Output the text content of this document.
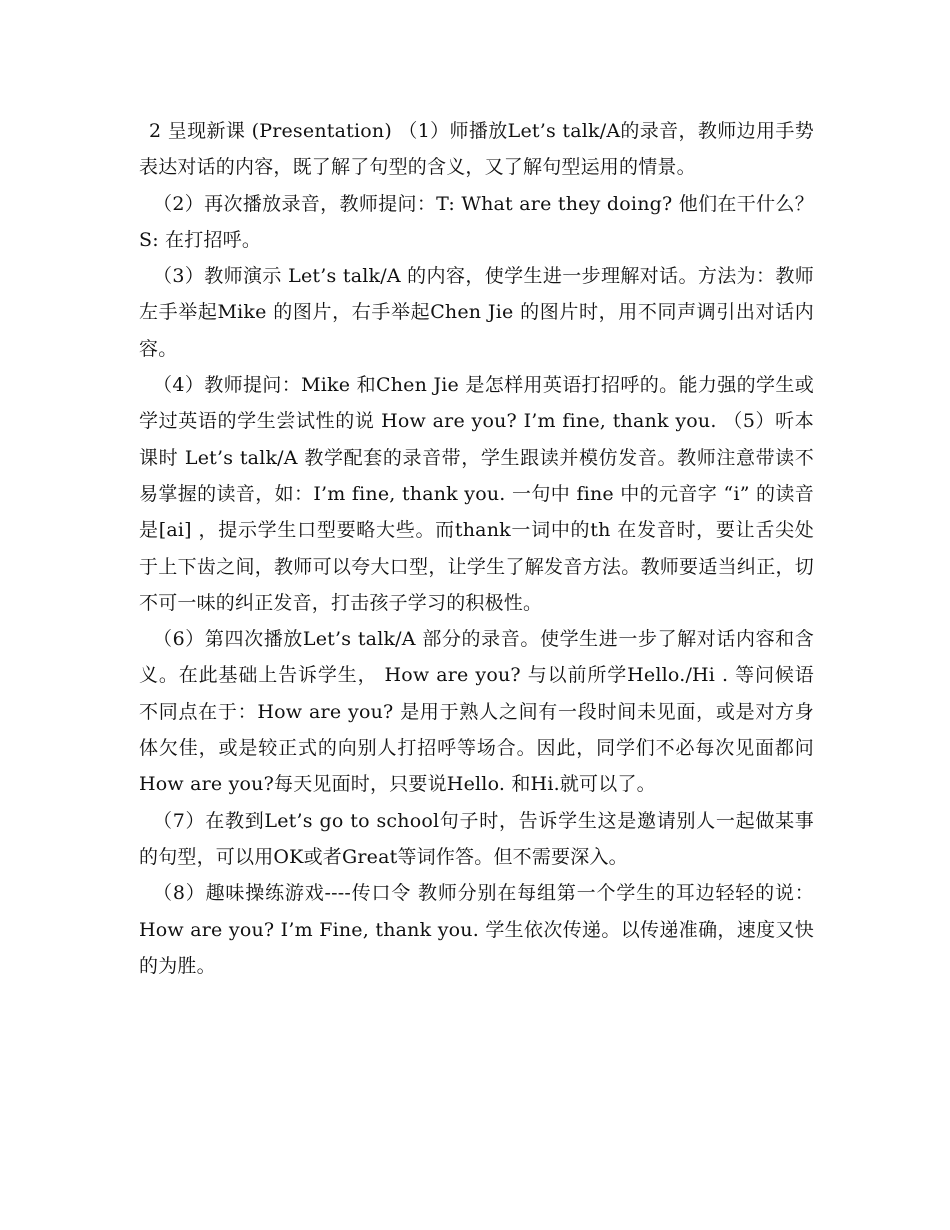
2 呈现新课 (Presentation) （1）师播放Let’s talk/A的录音，教师边用手势表达对话的内容，既了解了句型的含义，又了解句型运用的情景。

（2）再次播放录音，教师提问：T: What are they doing? 他们在干什么？ S: 在打招呼。

（3）教师演示 Let’s talk/A 的内容，使学生进一步理解对话。方法为：教师左手举起Mike 的图片，右手举起Chen Jie 的图片时，用不同声调引出对话内容。

（4）教师提问：Mike 和Chen Jie 是怎样用英语打招呼的。能力强的学生或学过英语的学生尝试性的说 How are you? I’m fine, thank you. （5）听本课时 Let’s talk/A 教学配套的录音带，学生跟读并模仿发音。教师注意带读不易掌握的读音，如：I’m fine, thank you. 一句中 fine 中的元音字 “i” 的读音是[ai] ，提示学生口型要略大些。而thank一词中的th 在发音时，要让舌尖处于上下齿之间，教师可以夸大口型，让学生了解发音方法。教师要适当纠正，切不可一味的纠正发音，打击孩子学习的积极性。

（6）第四次播放Let’s talk/A 部分的录音。使学生进一步了解对话内容和含义。在此基础上告诉学生， How are you? 与以前所学Hello./Hi . 等问候语不同点在于：How are you? 是用于熟人之间有一段时间未见面，或是对方身体欠佳，或是较正式的向别人打招呼等场合。因此，同学们不必每次见面都问How are you?每天见面时，只要说Hello. 和Hi.就可以了。

（7）在教到Let’s go to school句子时，告诉学生这是邀请别人一起做某事的句型，可以用OK或者Great等词作答。但不需要深入。

（8）趣味操练游戏----传口令 教师分别在每组第一个学生的耳边轻轻的说：How are you? I’m Fine, thank you. 学生依次传递。以传递准确，速度又快的为胜。
